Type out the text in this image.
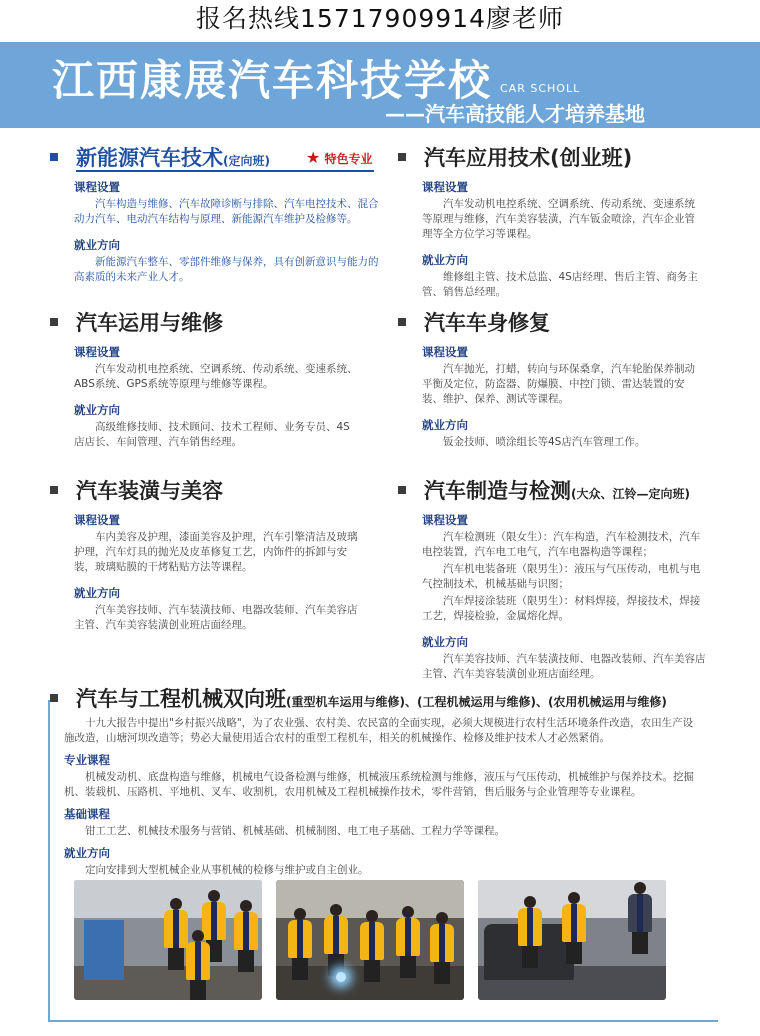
报名热线15717909914廖老师
江西康展汽车科技学校 CAR SCHOLL
——汽车高技能人才培养基地
新能源汽车技术(定向班) ★ 特色专业
课程设置
汽车构造与维修、汽车故障诊断与排除、汽车电控技术、混合动力汽车、电动汽车结构与原理、新能源汽车维护及检修等。
就业方向
新能源汽车整车、零部件维修与保养，具有创新意识与能力的高素质的未来产业人才。
汽车应用技术(创业班)
课程设置
汽车发动机电控系统、空调系统、传动系统、变速系统等原理与维修，汽车美容装潢，汽车钣金喷涂，汽车企业管理等全方位学习等课程。
就业方向
维修组主管、技术总监、4S店经理、售后主管、商务主管、销售总经理。
汽车运用与维修
课程设置
汽车发动机电控系统、空调系统、传动系统、变速系统、ABS系统、GPS系统等原理与维修等课程。
就业方向
高级维修技师、技术顾问、技术工程师、业务专员、4S店店长、车间管理、汽车销售经理。
汽车车身修复
课程设置
汽车抛光，打蜡，转向与环保桑拿，汽车轮胎保养制动平衡及定位，防盗器、防爆膜、中控门锁、雷达装置的安装、维护、保养、测试等课程。
就业方向
钣金技师、喷涂组长等4S店汽车管理工作。
汽车装潢与美容
课程设置
车内美容及护理，漆面美容及护理，汽车引擎清洁及玻璃护理，汽车灯具的抛光及皮革修复工艺，内饰件的拆卸与安装，玻璃贴膜的干烤粘贴方法等课程。
就业方向
汽车美容技师、汽车装潢技师、电器改装师、汽车美容店主管、汽车美容装潢创业班店面经理。
汽车制造与检测(大众、江铃—定向班)
课程设置
汽车检测班（限女生）：汽车构造，汽车检测技术，汽车电控装置，汽车电工电气，汽车电器构造等课程；
汽车机电装备班（限男生）：液压与气压传动，电机与电气控制技术，机械基础与识图；
汽车焊接涂装班（限男生）：材料焊接，焊接技术，焊接工艺，焊接检验，金属熔化焊。
就业方向
汽车美容技师、汽车装潢技师、电器改装师、汽车美容店主管、汽车美容装潢创业班店面经理。
汽车与工程机械双向班(重型机车运用与维修)、(工程机械运用与维修)、(农用机械运用与维修)
十九大报告中提出"乡村振兴战略"，为了农业强、农村美、农民富的全面实现，必须大规模进行农村生活环境条件改造，农田生产设施改造，山塘河坝改造等；势必大量使用适合农村的重型工程机车，相关的机械操作、检修及维护技术人才必然紧俏。
专业课程
机械发动机、底盘构造与维修，机械电气设备检测与维修，机械液压系统检测与维修，液压与气压传动，机械维护与保养技术。挖掘机、装载机、压路机、平地机、叉车、收割机，农用机械及工程机械操作技术，零件营销，售后服务与企业管理等专业课程。
基础课程
钳工工艺、机械技术服务与营销、机械基础、机械制图、电工电子基础、工程力学等课程。
就业方向
定向安排到大型机械企业从事机械的检修与维护或自主创业。
